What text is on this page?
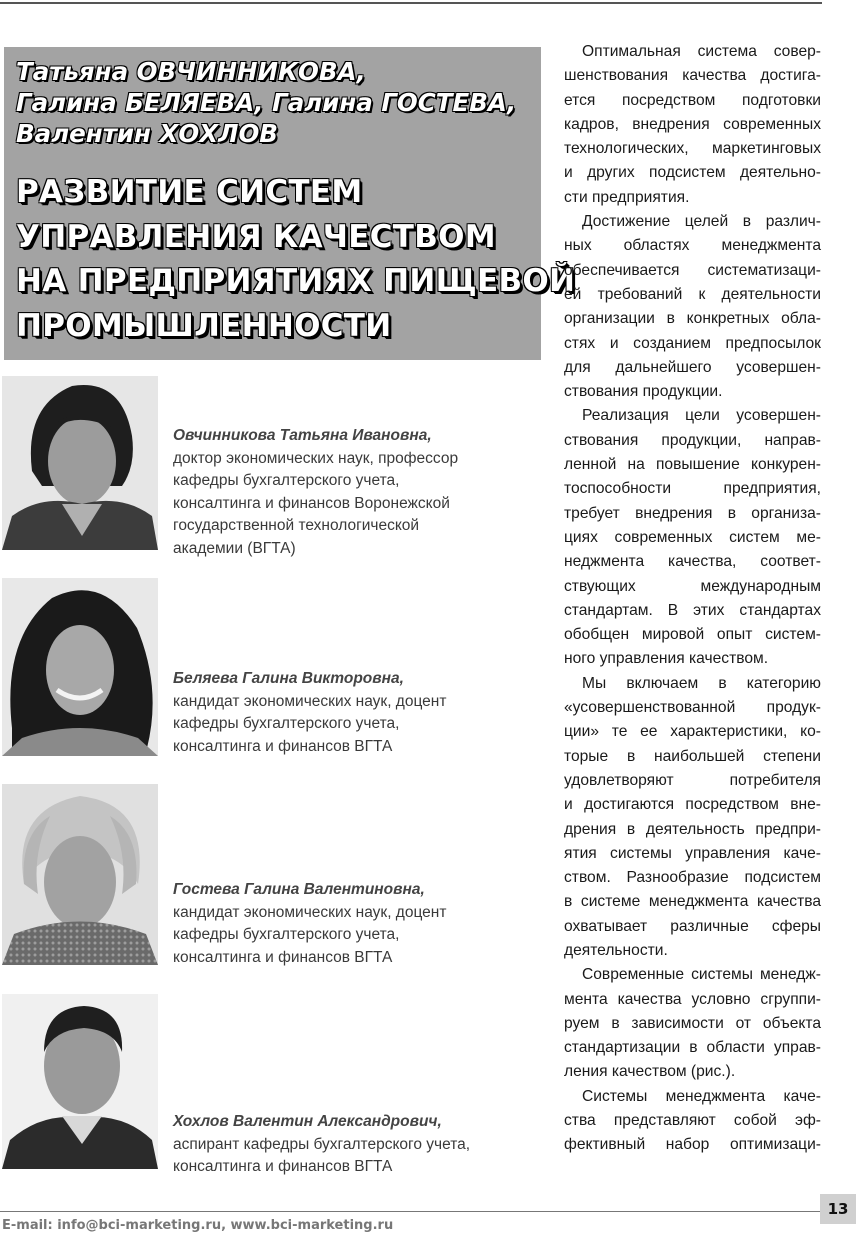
Татьяна ОВЧИННИКОВА,
Галина БЕЛЯЕВА, Галина ГОСТЕВА,
Валентин ХОХЛОВ
РАЗВИТИЕ СИСТЕМ
УПРАВЛЕНИЯ КАЧЕСТВОМ
НА ПРЕДПРИЯТИЯХ ПИЩЕВОЙ
ПРОМЫШЛЕННОСТИ
Овчинникова Татьяна Ивановна,
доктор экономических наук, профессор
кафедры бухгалтерского учета,
консалтинга и финансов Воронежской
государственной технологической
академии (ВГТА)
Беляева Галина Викторовна,
кандидат экономических наук, доцент
кафедры бухгалтерского учета,
консалтинга и финансов ВГТА
Гостева Галина Валентиновна,
кандидат экономических наук, доцент
кафедры бухгалтерского учета,
консалтинга и финансов ВГТА
Хохлов Валентин Александрович,
аспирант кафедры бухгалтерского учета,
консалтинга и финансов ВГТА
Оптимальная система совер-
шенствования качества достига-
ется посредством подготовки
кадров, внедрения современных
технологических, маркетинговых
и других подсистем деятельно-
сти предприятия.
Достижение целей в различ-
ных областях менеджмента
обеспечивается систематизаци-
ей требований к деятельности
организации в конкретных обла-
стях и созданием предпосылок
для дальнейшего усовершен-
ствования продукции.
Реализация цели усовершен-
ствования продукции, направ-
ленной на повышение конкурен-
тоспособности предприятия,
требует внедрения в организа-
циях современных систем ме-
неджмента качества, соответ-
ствующих международным
стандартам. В этих стандартах
обобщен мировой опыт систем-
ного управления качеством.
Мы включаем в категорию
«усовершенствованной продук-
ции» те ее характеристики, ко-
торые в наибольшей степени
удовлетворяют потребителя
и достигаются посредством вне-
дрения в деятельность предпри-
ятия системы управления каче-
ством. Разнообразие подсистем
в системе менеджмента качества
охватывает различные сферы
деятельности.
Современные системы менедж-
мента качества условно сгруппи-
руем в зависимости от объекта
стандартизации в области управ-
ления качеством (рис.).
Системы менеджмента каче-
ства представляют собой эф-
фективный набор оптимизаци-
E-mail: info@bci-marketing.ru, www.bci-marketing.ru
13
